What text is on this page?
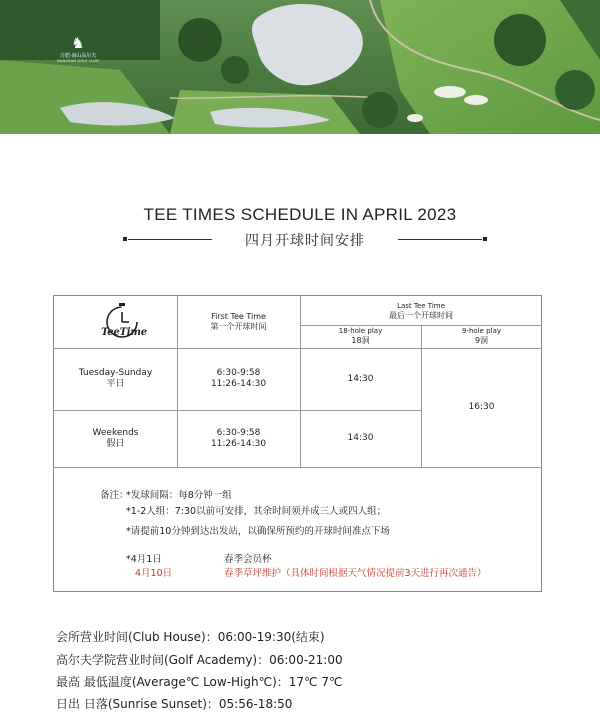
♞
合肥·南山高尔夫
NANSHAN GOLF CLUB
TEE TIMES SCHEDULE IN APRIL 2023
四月开球时间安排
TeeTime
First Tee Time
第一个开球时间
Last Tee Time
最后一个开球时间
18-hole play
18洞
9-hole play
9洞
Tuesday-Sunday
平日
6:30-9:58
11:26-14:30
14:30
Weekends
假日
6:30-9:58
11:26-14:30
14:30
16:30
备注：
*发球间隔：每8分钟一组
*1-2人组：7:30以前可安排，其余时间须并成三人或四人组；
*请提前10分钟到达出发站，以确保所预约的开球时间准点下场
*4月1日	春季会员杯
4月10日	春季草坪维护（具体时间根据天气情况提前3天进行再次通告）
会所营业时间(Club House)：06:00-19:30(结束)
高尔夫学院营业时间(Golf Academy)：06:00-21:00
最高 最低温度(Average℃ Low-High℃)：17℃ 7℃
日出 日落(Sunrise Sunset)：05:56-18:50
